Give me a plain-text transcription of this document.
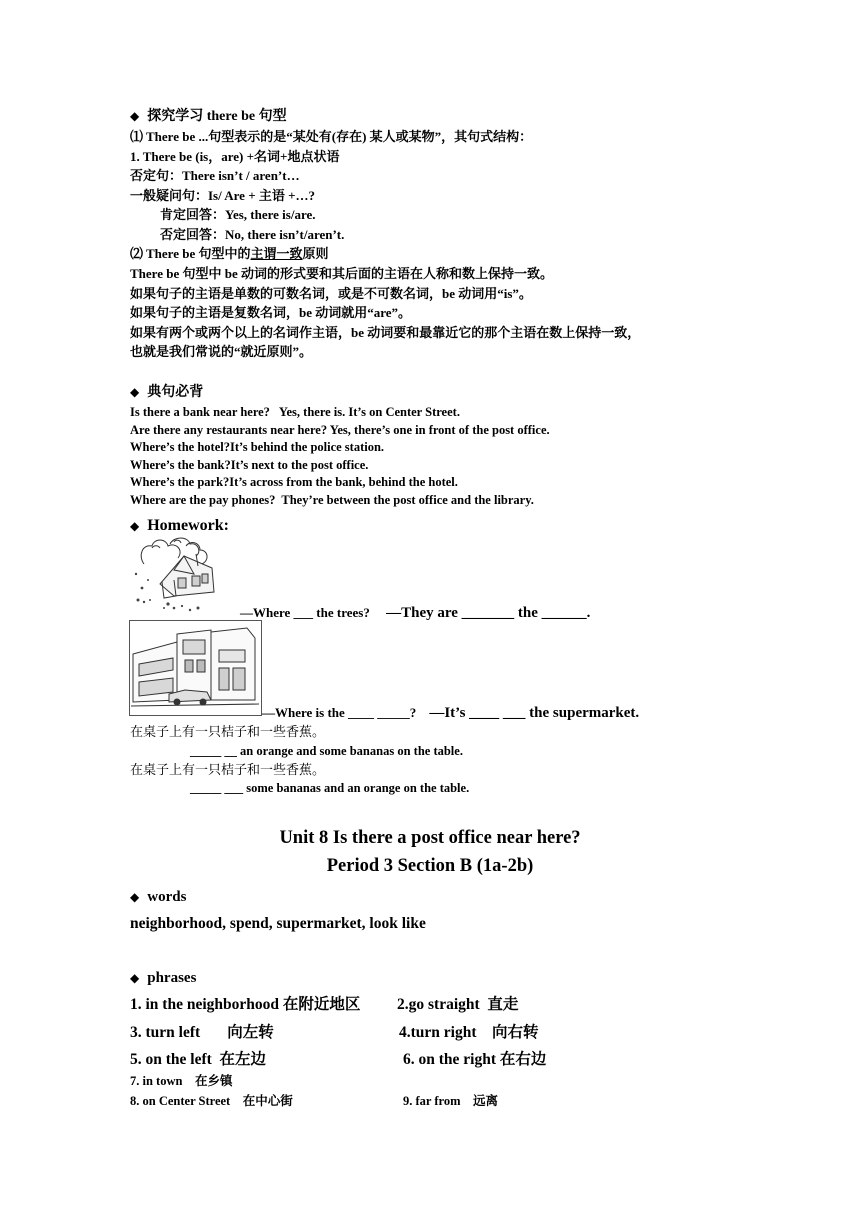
◆ 探究学习 there be 句型
⑴ There be ...句型表示的是“某处有(存在) 某人或某物”，其句式结构：
1. There be (is，are) +名词+地点状语
否定句：There isn’t / aren’t…
一般疑问句：Is/ Are + 主语 +…?
肯定回答：Yes, there is/are.
否定回答：No, there isn’t/aren’t.
⑵ There be 句型中的主谓一致原则
There be 句型中 be 动词的形式要和其后面的主语在人称和数上保持一致。
如果句子的主语是单数的可数名词，或是不可数名词，be 动词用“is”。
如果句子的主语是复数名词，be 动词就用“are”。
如果有两个或两个以上的名词作主语，be 动词要和最靠近它的那个主语在数上保持一致，
也就是我们常说的“就近原则”。
◆ 典句必背
Is there a bank near here?   Yes, there is. It’s on Center Street.
Are there any restaurants near here? Yes, there’s one in front of the post office.
Where’s the hotel?It’s behind the police station.
Where’s the bank?It’s next to the post office.
Where’s the park?It’s across from the bank, behind the hotel.
Where are the pay phones?  They’re between the post office and the library.
◆ Homework:
—Where ___ the trees? —They are _______ the ______.
—Where is the ____ _____? —It’s ____ ___ the supermarket.
在桌子上有一只桔子和一些香蕉。
_____ __ an orange and some bananas on the table.
在桌子上有一只桔子和一些香蕉。
_____ ___ some bananas and an orange on the table.
Unit 8 Is there a post office near here?
Period 3 Section B (1a-2b)
◆ words
neighborhood, spend, supermarket, look like
◆ phrases
1. in the neighborhood 在附近地区 2.go straight  直走
3. turn left       向左转	4.turn right    向右转
5. on the left  在左边	6. on the right 在右边
7. in town    在乡镇
8. on Center Street    在中心街	9. far from    远离
